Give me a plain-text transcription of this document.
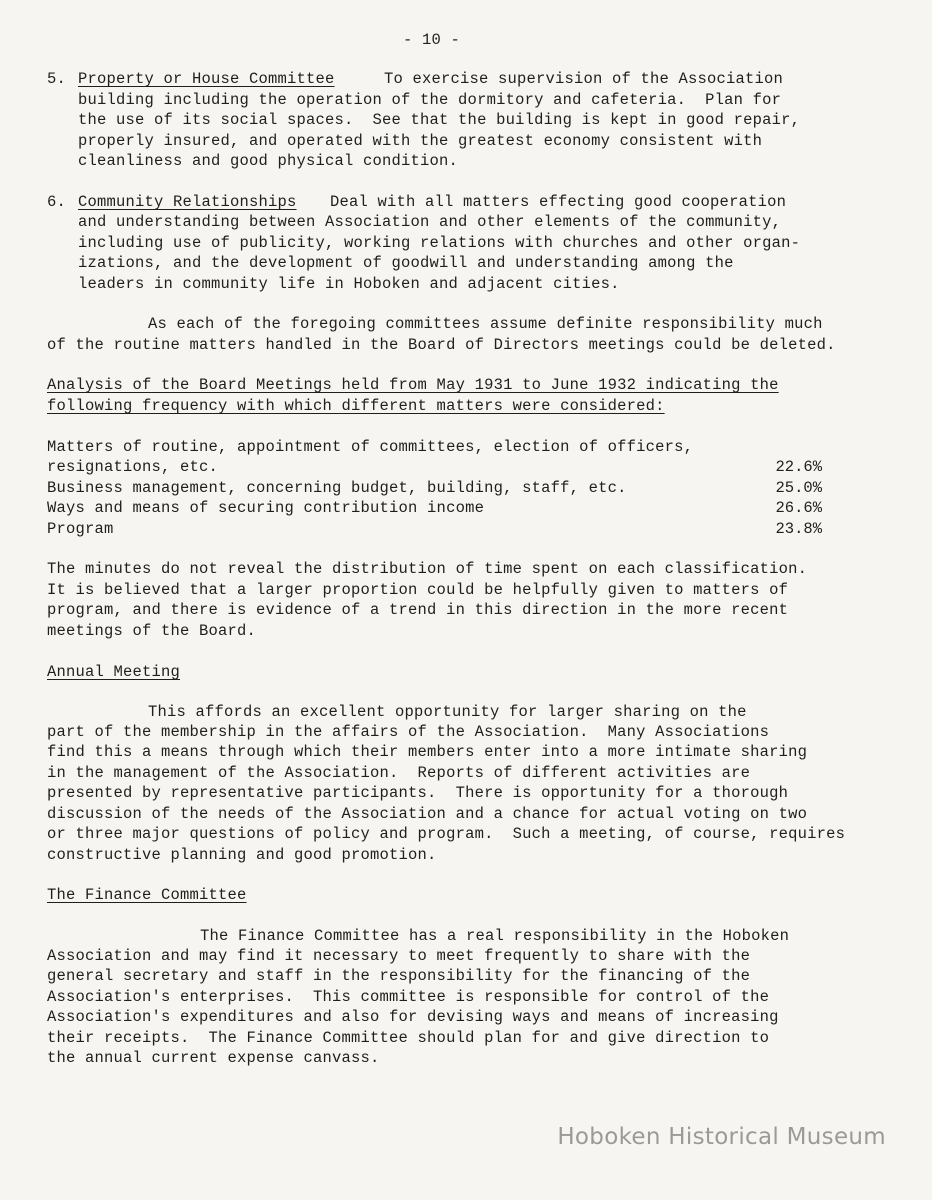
- 10 -
5. Property or House Committee	To exercise supervision of the Association
building including the operation of the dormitory and cafeteria.  Plan for
the use of its social spaces.  See that the building is kept in good repair,
properly insured, and operated with the greatest economy consistent with
cleanliness and good physical condition.
6. Community Relationships Deal with all matters effecting good cooperation
and understanding between Association and other elements of the community,
including use of publicity, working relations with churches and other organ-
izations, and the development of goodwill and understanding among the
leaders in community life in Hoboken and adjacent cities.
As each of the foregoing committees assume definite responsibility much
of the routine matters handled in the Board of Directors meetings could be deleted.
Analysis of the Board Meetings held from May 1931 to June 1932 indicating the
following frequency with which different matters were considered:
Matters of routine, appointment of committees, election of officers,
resignations, etc.	22.6%
Business management, concerning budget, building, staff, etc.	25.0%
Ways and means of securing contribution income	26.6%
Program	23.8%
The minutes do not reveal the distribution of time spent on each classification.
It is believed that a larger proportion could be helpfully given to matters of
program, and there is evidence of a trend in this direction in the more recent
meetings of the Board.
Annual Meeting
This affords an excellent opportunity for larger sharing on the
part of the membership in the affairs of the Association.  Many Associations
find this a means through which their members enter into a more intimate sharing
in the management of the Association.  Reports of different activities are
presented by representative participants.  There is opportunity for a thorough
discussion of the needs of the Association and a chance for actual voting on two
or three major questions of policy and program.  Such a meeting, of course, requires
constructive planning and good promotion.
The Finance Committee
The Finance Committee has a real responsibility in the Hoboken
Association and may find it necessary to meet frequently to share with the
general secretary and staff in the responsibility for the financing of the
Association's enterprises.  This committee is responsible for control of the
Association's expenditures and also for devising ways and means of increasing
their receipts.  The Finance Committee should plan for and give direction to
the annual current expense canvass.
Hoboken Historical Museum
